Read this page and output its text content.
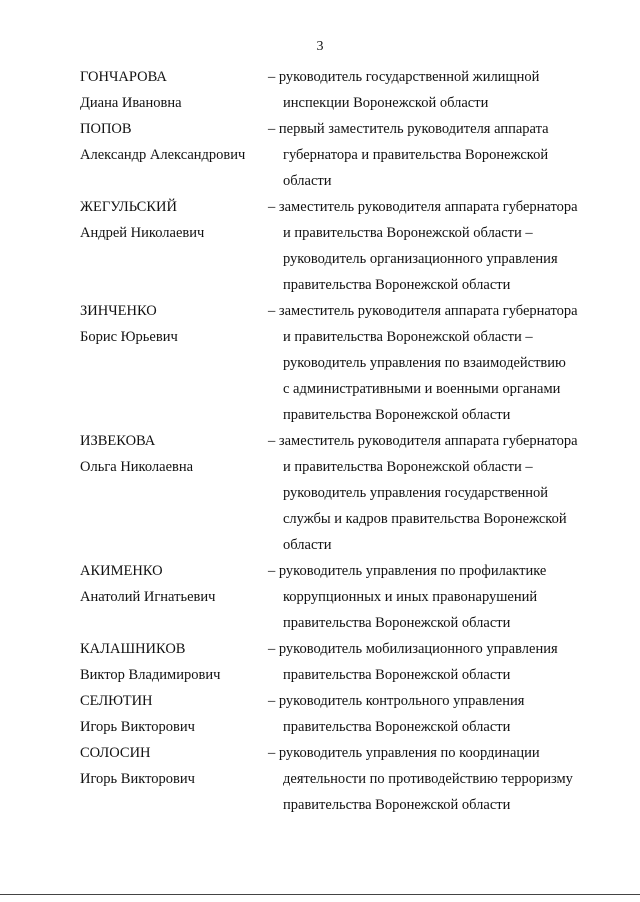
3
ГОНЧАРОВА
Диана Ивановна
– руководитель государственной жилищной
инспекции Воронежской области
ПОПОВ
Александр Александрович
– первый заместитель руководителя аппарата
губернатора и правительства Воронежской
области
ЖЕГУЛЬСКИЙ
Андрей Николаевич
– заместитель руководителя аппарата губернатора
и правительства Воронежской области –
руководитель организационного управления
правительства Воронежской области
ЗИНЧЕНКО
Борис Юрьевич
– заместитель руководителя аппарата губернатора
и правительства Воронежской области –
руководитель управления по взаимодействию
с административными и военными органами
правительства Воронежской области
ИЗВЕКОВА
Ольга Николаевна
– заместитель руководителя аппарата губернатора
и правительства Воронежской области –
руководитель управления государственной
службы и кадров правительства Воронежской
области
АКИМЕНКО
Анатолий Игнатьевич
– руководитель управления по профилактике
коррупционных и иных правонарушений
правительства Воронежской области
КАЛАШНИКОВ
Виктор Владимирович
– руководитель мобилизационного управления
правительства Воронежской области
СЕЛЮТИН
Игорь Викторович
– руководитель контрольного управления
правительства Воронежской области
СОЛОСИН
Игорь Викторович
– руководитель управления по координации
деятельности по противодействию терроризму
правительства Воронежской области
